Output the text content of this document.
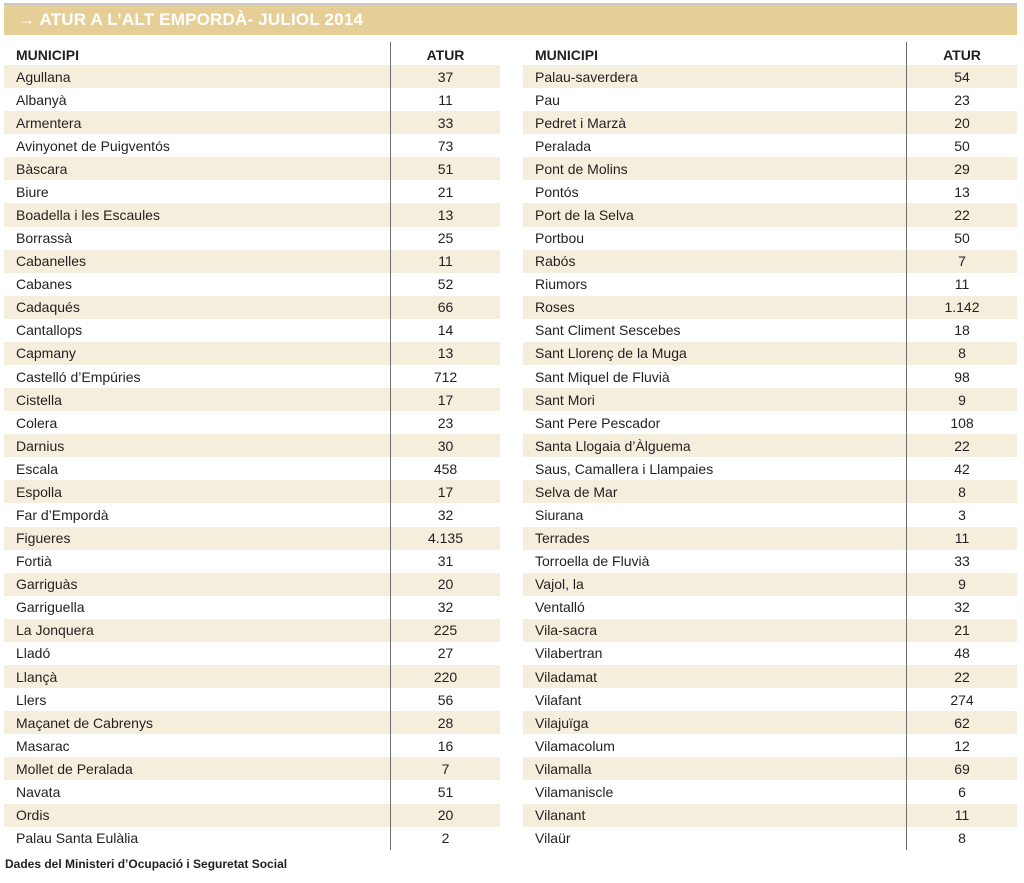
→ ATUR A L’ALT EMPORDÀ- JULIOL 2014
MUNICIPI	ATUR
Agullana	37
Albanyà	11
Armentera	33
Avinyonet de Puigventós	73
Bàscara	51
Biure	21
Boadella i les Escaules	13
Borrassà	25
Cabanelles	11
Cabanes	52
Cadaqués	66
Cantallops	14
Capmany	13
Castelló d’Empúries	712
Cistella	17
Colera	23
Darnius	30
Escala	458
Espolla	17
Far d’Empordà	32
Figueres	4.135
Fortià	31
Garriguàs	20
Garriguella	32
La Jonquera	225
Lladó	27
Llançà	220
Llers	56
Maçanet de Cabrenys	28
Masarac	16
Mollet de Peralada	7
Navata	51
Ordis	20
Palau Santa Eulàlia	2
MUNICIPI	ATUR
Palau-saverdera	54
Pau	23
Pedret i Marzà	20
Peralada	50
Pont de Molins	29
Pontós	13
Port de la Selva	22
Portbou	50
Rabós	7
Riumors	11
Roses	1.142
Sant Climent Sescebes	18
Sant Llorenç de la Muga	8
Sant Miquel de Fluvià	98
Sant Mori	9
Sant Pere Pescador	108
Santa Llogaia d’Àlguema	22
Saus, Camallera i Llampaies	42
Selva de Mar	8
Siurana	3
Terrades	11
Torroella de Fluvià	33
Vajol, la	9
Ventalló	32
Vila-sacra	21
Vilabertran	48
Viladamat	22
Vilafant	274
Vilajuïga	62
Vilamacolum	12
Vilamalla	69
Vilamaniscle	6
Vilanant	11
Vilaür	8
Dades del Ministeri d’Ocupació i Seguretat Social
